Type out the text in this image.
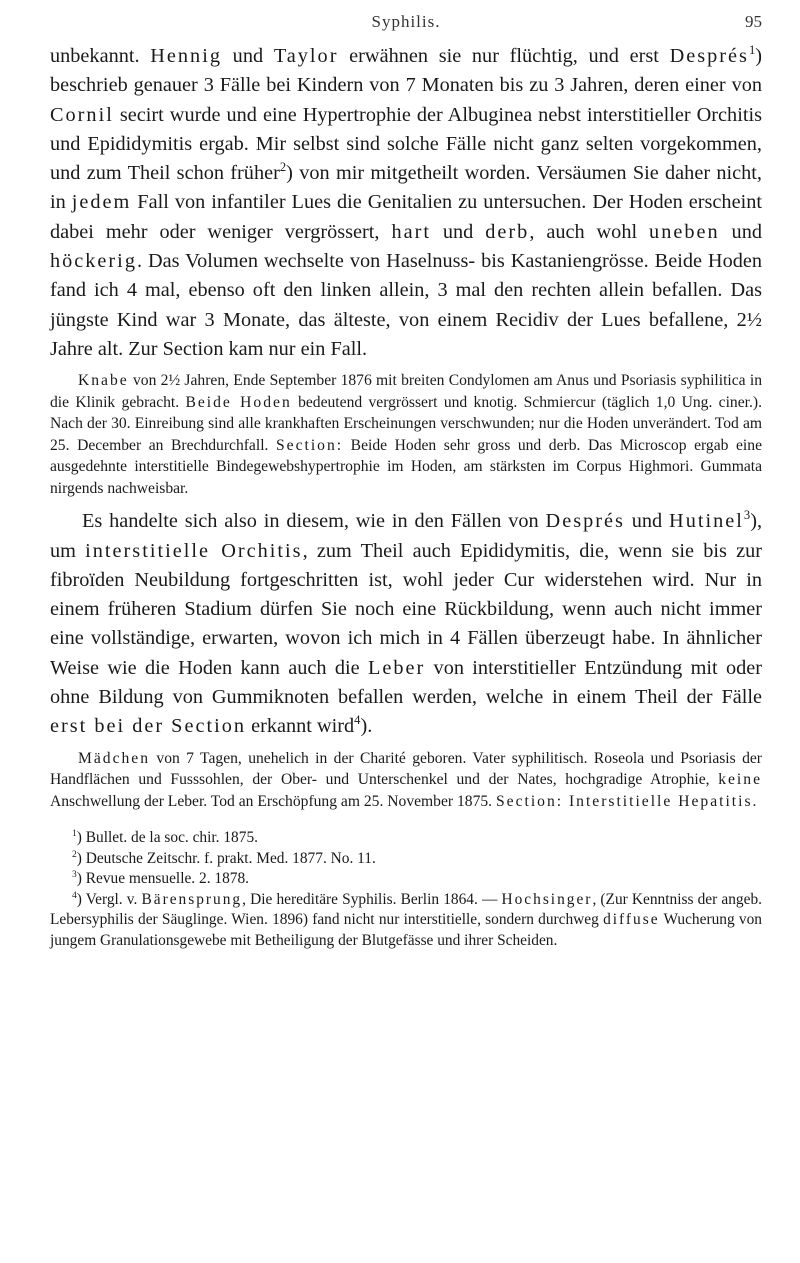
Syphilis.	95

unbekannt. Hennig und Taylor erwähnen sie nur flüchtig, und erst Després$^1$) beschrieb genauer 3 Fälle bei Kindern von 7 Monaten bis zu 3 Jahren, deren einer von Cornil secirt wurde und eine Hypertrophie der Albuginea nebst interstitieller Orchitis und Epididymitis ergab. Mir selbst sind solche Fälle nicht ganz selten vorgekommen, und zum Theil schon früher$^2$) von mir mitgetheilt worden. Versäumen Sie daher nicht, in jedem Fall von infantiler Lues die Genitalien zu untersuchen. Der Hoden erscheint dabei mehr oder weniger vergrössert, hart und derb, auch wohl uneben und höckerig. Das Volumen wechselte von Haselnuss- bis Kastaniengrösse. Beide Hoden fand ich 4 mal, ebenso oft den linken allein, 3 mal den rechten allein befallen. Das jüngste Kind war 3 Monate, das älteste, von einem Recidiv der Lues befallene, 2½ Jahre alt. Zur Section kam nur ein Fall.

Knabe von 2½ Jahren, Ende September 1876 mit breiten Condylomen am Anus und Psoriasis syphilitica in die Klinik gebracht. Beide Hoden bedeutend vergrössert und knotig. Schmiercur (täglich 1,0 Ung. ciner.). Nach der 30. Einreibung sind alle krankhaften Erscheinungen verschwunden; nur die Hoden unverändert. Tod am 25. December an Brechdurchfall. Section: Beide Hoden sehr gross und derb. Das Microscop ergab eine ausgedehnte interstitielle Bindegewebshypertrophie im Hoden, am stärksten im Corpus Highmori. Gummata nirgends nachweisbar.

Es handelte sich also in diesem, wie in den Fällen von Després und Hutinel$^3$), um interstitielle Orchitis, zum Theil auch Epididymitis, die, wenn sie bis zur fibroïden Neubildung fortgeschritten ist, wohl jeder Cur widerstehen wird. Nur in einem früheren Stadium dürfen Sie noch eine Rückbildung, wenn auch nicht immer eine vollständige, erwarten, wovon ich mich in 4 Fällen überzeugt habe. In ähnlicher Weise wie die Hoden kann auch die Leber von interstitieller Entzündung mit oder ohne Bildung von Gummiknoten befallen werden, welche in einem Theil der Fälle erst bei der Section erkannt wird$^4$).

Mädchen von 7 Tagen, unehelich in der Charité geboren. Vater syphilitisch. Roseola und Psoriasis der Handflächen und Fusssohlen, der Ober- und Unterschenkel und der Nates, hochgradige Atrophie, keine Anschwellung der Leber. Tod an Erschöpfung am 25. November 1875. Section: Interstitielle Hepatitis.

$^1$) Bullet. de la soc. chir. 1875.

$^2$) Deutsche Zeitschr. f. prakt. Med. 1877. No. 11.

$^3$) Revue mensuelle. 2. 1878.

$^4$) Vergl. v. Bärensprung, Die hereditäre Syphilis. Berlin 1864. — Hochsinger, (Zur Kenntniss der angeb. Lebersyphilis der Säuglinge. Wien. 1896) fand nicht nur interstitielle, sondern durchweg diffuse Wucherung von jungem Granulationsgewebe mit Betheiligung der Blutgefässe und ihrer Scheiden.
